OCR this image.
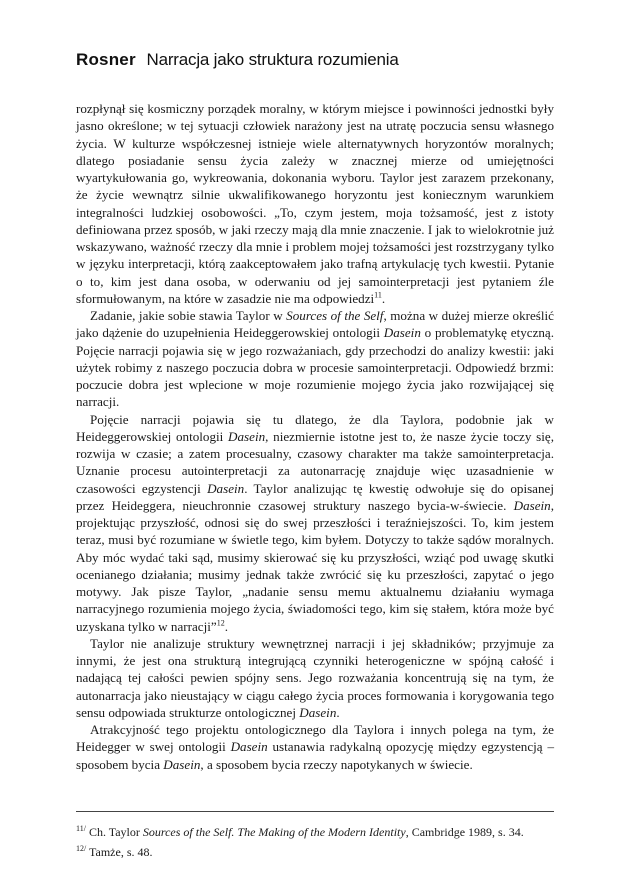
Rosner Narracja jako struktura rozumienia

rozpłynął się kosmiczny porządek moralny, w którym miejsce i powinności jednostki były jasno określone; w tej sytuacji człowiek narażony jest na utratę poczucia sensu własnego życia. W kulturze współczesnej istnieje wiele alternatywnych horyzontów moralnych; dlatego posiadanie sensu życia zależy w znacznej mierze od umiejętności wyartykułowania go, wykreowania, dokonania wyboru. Taylor jest zarazem przekonany, że życie wewnątrz silnie ukwalifikowanego horyzontu jest koniecznym warunkiem integralności ludzkiej osobowości. „To, czym jestem, moja tożsamość, jest z istoty definiowana przez sposób, w jaki rzeczy mają dla mnie znaczenie. I jak to wielokrotnie już wskazywano, ważność rzeczy dla mnie i problem mojej tożsamości jest rozstrzygany tylko w języku interpretacji, którą zaakceptowałem jako trafną artykulację tych kwestii. Pytanie o to, kim jest dana osoba, w oderwaniu od jej samointerpretacji jest pytaniem źle sformułowanym, na które w zasadzie nie ma odpowiedzi$^{11}$.

Zadanie, jakie sobie stawia Taylor w Sources of the Self, można w dużej mierze określić jako dążenie do uzupełnienia Heideggerowskiej ontologii Dasein o problematykę etyczną. Pojęcie narracji pojawia się w jego rozważaniach, gdy przechodzi do analizy kwestii: jaki użytek robimy z naszego poczucia dobra w procesie samointerpretacji. Odpowiedź brzmi: poczucie dobra jest wplecione w moje rozumienie mojego życia jako rozwijającej się narracji.

Pojęcie narracji pojawia się tu dlatego, że dla Taylora, podobnie jak w Heideggerowskiej ontologii Dasein, niezmiernie istotne jest to, że nasze życie toczy się, rozwija w czasie; a zatem procesualny, czasowy charakter ma także samointerpretacja. Uznanie procesu autointerpretacji za autonarrację znajduje więc uzasadnienie w czasowości egzystencji Dasein. Taylor analizując tę kwestię odwołuje się do opisanej przez Heideggera, nieuchronnie czasowej struktury naszego bycia-w-świecie. Dasein, projektując przyszłość, odnosi się do swej przeszłości i teraźniejszości. To, kim jestem teraz, musi być rozumiane w świetle tego, kim byłem. Dotyczy to także sądów moralnych. Aby móc wydać taki sąd, musimy skierować się ku przyszłości, wziąć pod uwagę skutki ocenianego działania; musimy jednak także zwrócić się ku przeszłości, zapytać o jego motywy. Jak pisze Taylor, „nadanie sensu memu aktualnemu działaniu wymaga narracyjnego rozumienia mojego życia, świadomości tego, kim się stałem, która może być uzyskana tylko w narracji”$^{12}$.

Taylor nie analizuje struktury wewnętrznej narracji i jej składników; przyjmuje za innymi, że jest ona strukturą integrującą czynniki heterogeniczne w spójną całość i nadającą tej całości pewien spójny sens. Jego rozważania koncentrują się na tym, że autonarracja jako nieustający w ciągu całego życia proces formowania i korygowania tego sensu odpowiada strukturze ontologicznej Dasein.

Atrakcyjność tego projektu ontologicznego dla Taylora i innych polega na tym, że Heidegger w swej ontologii Dasein ustanawia radykalną opozycję między egzystencją – sposobem bycia Dasein, a sposobem bycia rzeczy napotykanych w świecie.

$^{11/}$ Ch. Taylor Sources of the Self. The Making of the Modern Identity, Cambridge 1989, s. 34.

$^{12/}$ Tamże, s. 48.
